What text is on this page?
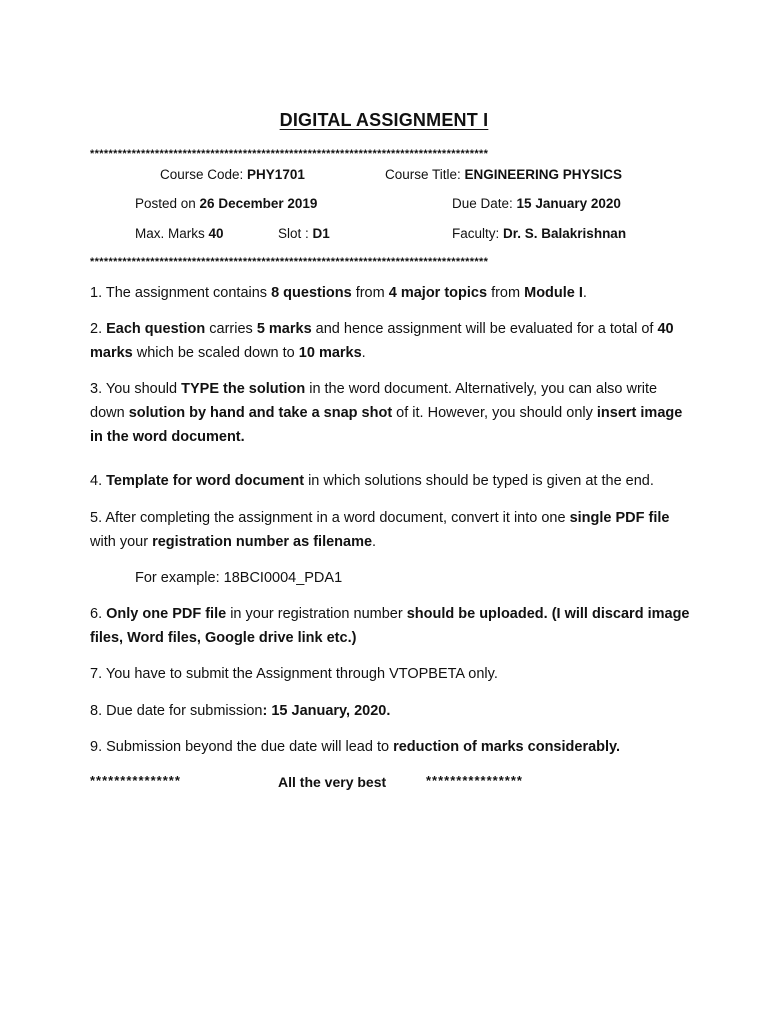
DIGITAL ASSIGNMENT I
**************************************************************************************
Course Code: PHY1701	Course Title: ENGINEERING PHYSICS
Posted on 26 December 2019	Due Date: 15 January 2020
Max. Marks 40	Slot : D1	Faculty: Dr. S. Balakrishnan
**************************************************************************************
1. The assignment contains 8 questions from 4 major topics from Module I.
2. Each question carries 5 marks and hence assignment will be evaluated for a total of 40 marks which be scaled down to 10 marks.
3. You should TYPE the solution in the word document. Alternatively, you can also write down solution by hand and take a snap shot of it. However, you should only insert image in the word document.
4. Template for word document in which solutions should be typed is given at the end.
5. After completing the assignment in a word document, convert it into one single PDF file with your registration number as filename.
For example: 18BCI0004_PDA1
6. Only one PDF file in your registration number should be uploaded. (I will discard image files, Word files, Google drive link etc.)
7. You have to submit the Assignment through VTOPBETA only.
8. Due date for submission: 15 January, 2020.
9. Submission beyond the due date will lead to reduction of marks considerably.
***************	All the very best	****************
